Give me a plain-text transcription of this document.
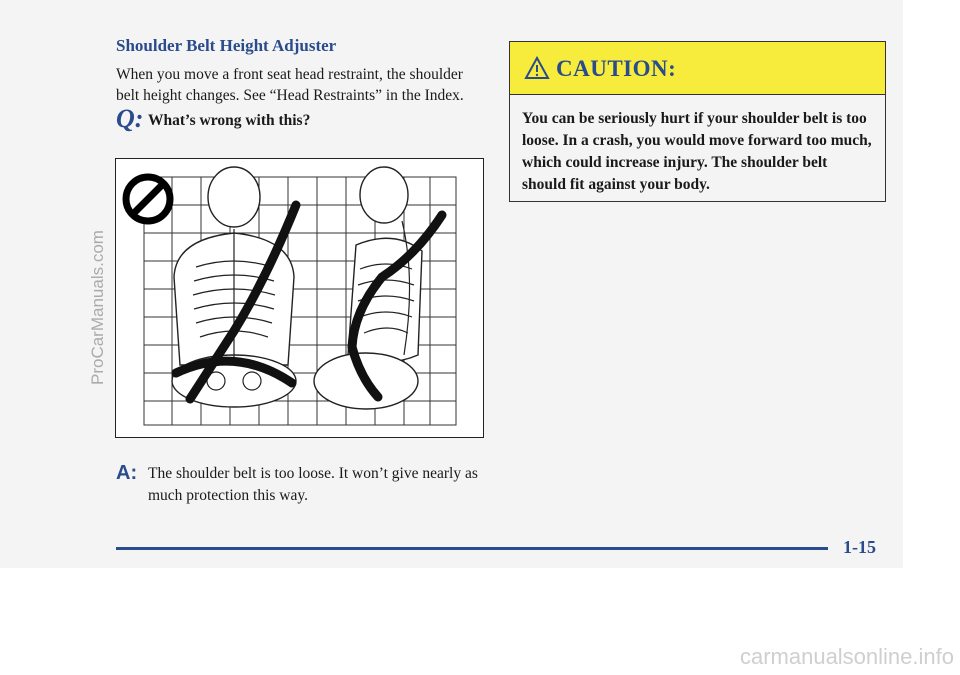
Shoulder Belt Height Adjuster
When you move a front seat head restraint, the shoulder belt height changes. See “Head Restraints” in the Index.
Q: What’s wrong with this?
A: The shoulder belt is too loose. It won’t give nearly as much protection this way.
CAUTION:
You can be seriously hurt if your shoulder belt is too loose. In a crash, you would move forward too much, which could increase injury. The shoulder belt should fit against your body.
1-15
ProCarManuals.com
carmanualsonline.info
